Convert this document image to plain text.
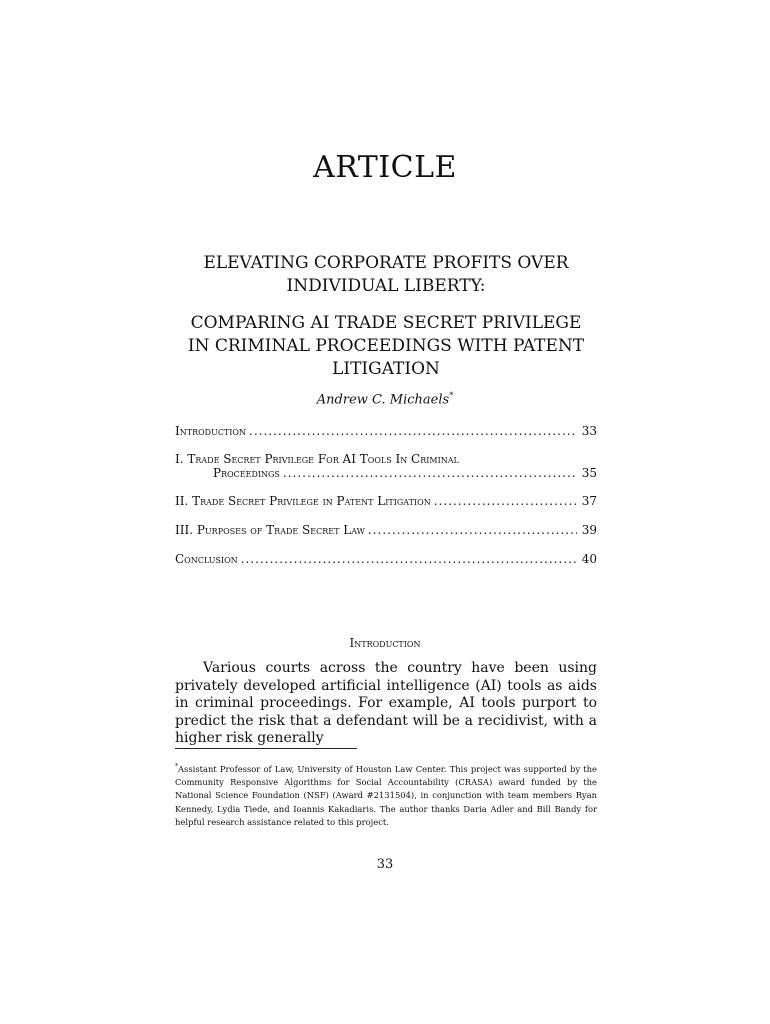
ARTICLE
ELEVATING CORPORATE PROFITS OVER
INDIVIDUAL LIBERTY:
COMPARING AI TRADE SECRET PRIVILEGE
IN CRIMINAL PROCEEDINGS WITH PATENT
LITIGATION
Andrew C. Michaels*
Introduction .....	33
I. Trade Secret Privilege For AI Tools In Criminal
Proceedings .....	35
II. Trade Secret Privilege in Patent Litigation .....	37
III. Purposes of Trade Secret Law .....	39
Conclusion .....	40
Introduction
Various courts across the country have been using privately developed artificial intelligence (AI) tools as aids in criminal proceedings. For example, AI tools purport to predict the risk that a defendant will be a recidivist, with a higher risk generally
*Assistant Professor of Law, University of Houston Law Center. This project was supported by the Community Responsive Algorithms for Social Accountability (CRASA) award funded by the National Science Foundation (NSF) (Award #2131504), in conjunction with team members Ryan Kennedy, Lydia Tiede, and Ioannis Kakadiaris. The author thanks Daria Adler and Bill Bandy for helpful research assistance related to this project.
33
